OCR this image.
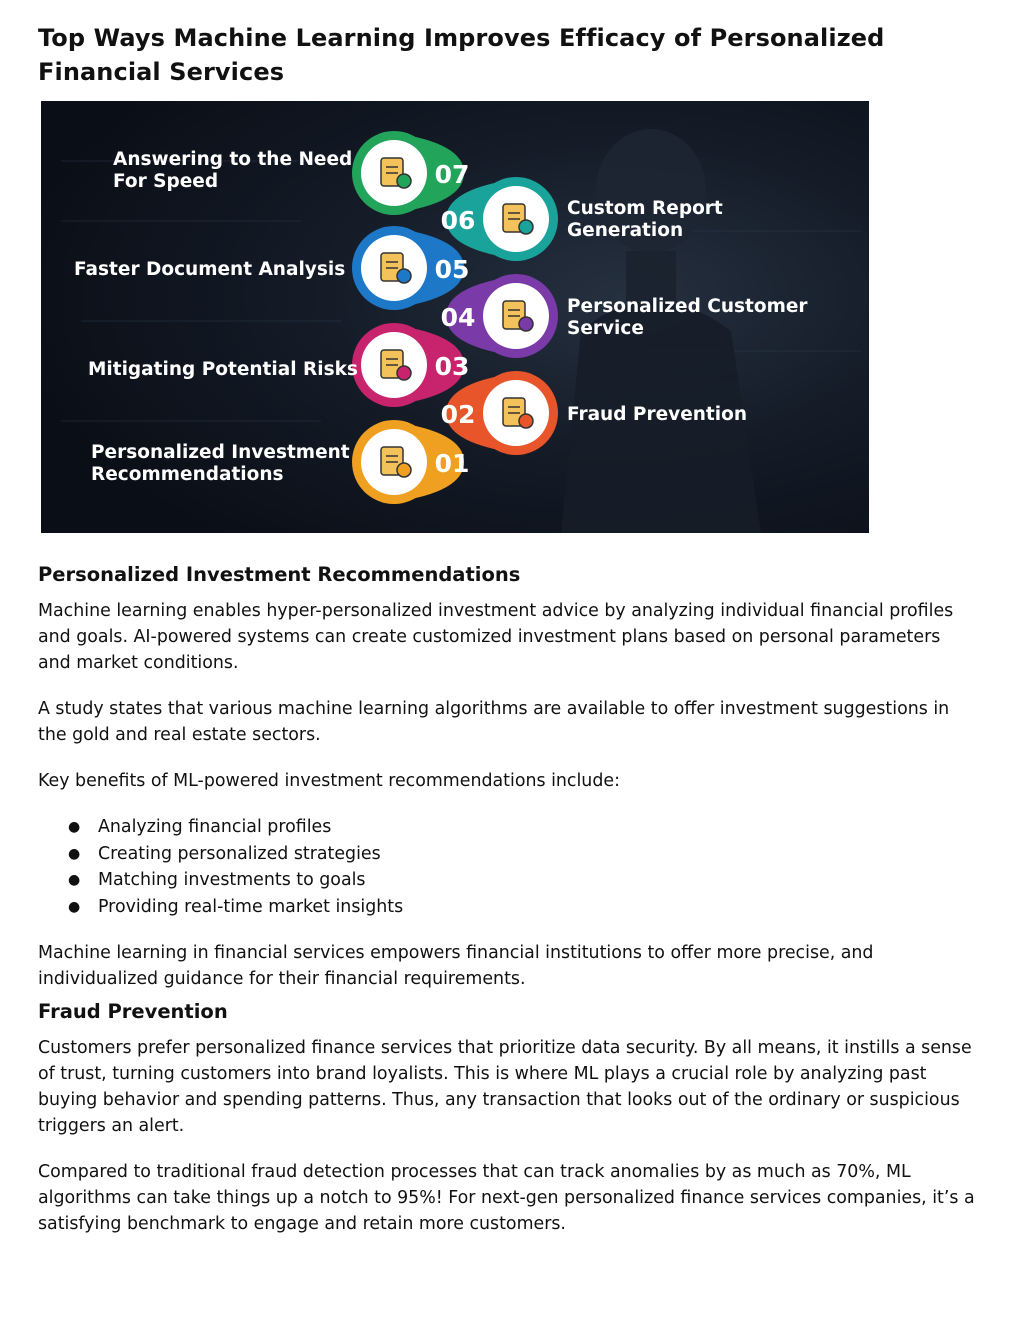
Top Ways Machine Learning Improves Efficacy of Personalized Financial Services
07
Answering to the Need For Speed
06	Custom Report Generation
05
Faster Document Analysis
04	Personalized Customer Service
03
Mitigating Potential Risks
02	Fraud Prevention
01
Personalized Investment Recommendations
Personalized Investment Recommendations

Machine learning enables hyper-personalized investment advice by analyzing individual financial profiles and goals. AI-powered systems can create customized investment plans based on personal parameters and market conditions.

A study states that various machine learning algorithms are available to offer investment suggestions in the gold and real estate sectors.

Key benefits of ML-powered investment recommendations include:

● Analyzing financial profiles
● Creating personalized strategies
● Matching investments to goals
● Providing real-time market insights

Machine learning in financial services empowers financial institutions to offer more precise, and individualized guidance for their financial requirements.

Fraud Prevention

Customers prefer personalized finance services that prioritize data security. By all means, it instills a sense of trust, turning customers into brand loyalists. This is where ML plays a crucial role by analyzing past buying behavior and spending patterns. Thus, any transaction that looks out of the ordinary or suspicious triggers an alert.

Compared to traditional fraud detection processes that can track anomalies by as much as 70%, ML algorithms can take things up a notch to 95%! For next-gen personalized finance services companies, it’s a satisfying benchmark to engage and retain more customers.
